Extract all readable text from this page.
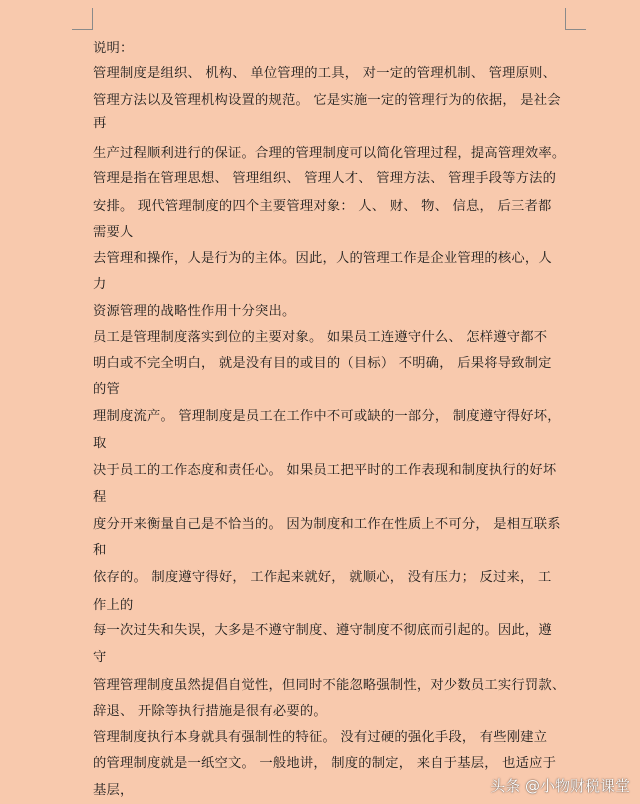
说明：
管理制度是组织、 机构、 单位管理的工具， 对一定的管理机制、 管理原则、
管理方法以及管理机构设置的规范。 它是实施一定的管理行为的依据， 是社会
再
生产过程顺利进行的保证。合理的管理制度可以简化管理过程，提高管理效率。
管理是指在管理思想、 管理组织、 管理人才、 管理方法、 管理手段等方法的
安排。 现代管理制度的四个主要管理对象： 人、 财、 物、 信息， 后三者都
需要人
去管理和操作，人是行为的主体。因此，人的管理工作是企业管理的核心，人
力
资源管理的战略性作用十分突出。
员工是管理制度落实到位的主要对象。 如果员工连遵守什么、 怎样遵守都不
明白或不完全明白， 就是没有目的或目的（目标） 不明确， 后果将导致制定
的管
理制度流产。 管理制度是员工在工作中不可或缺的一部分， 制度遵守得好坏，
取
决于员工的工作态度和责任心。 如果员工把平时的工作表现和制度执行的好坏
程
度分开来衡量自己是不恰当的。 因为制度和工作在性质上不可分， 是相互联系
和
依存的。 制度遵守得好， 工作起来就好， 就顺心， 没有压力； 反过来， 工
作上的
每一次过失和失误，大多是不遵守制度、遵守制度不彻底而引起的。因此，遵
守
管理管理制度虽然提倡自觉性，但同时不能忽略强制性，对少数员工实行罚款、
辞退、 开除等执行措施是很有必要的。
管理制度执行本身就具有强制性的特征。 没有过硬的强化手段， 有些刚建立
的管理制度就是一纸空文。 一般地讲， 制度的制定， 来自于基层， 也适应于
基层，	头条 @小物财税课堂
